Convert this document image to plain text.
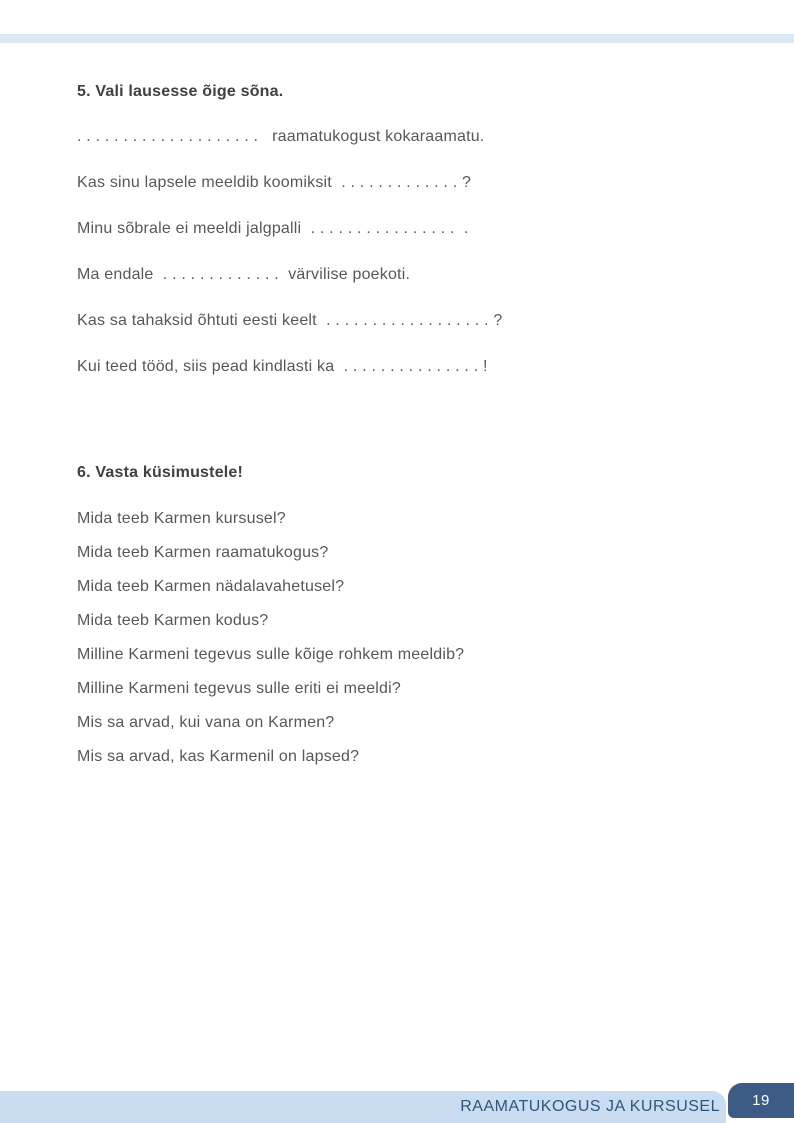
5. Vali lausesse õige sõna.
. . . . . . . . . . . . . . . . . . . .   raamatukogust kokaraamatu.
Kas sinu lapsele meeldib koomiksit  . . . . . . . . . . . . . ?
Minu sõbrale ei meeldi jalgpalli  . . . . . . . . . . . . . . . .  .
Ma endale  . . . . . . . . . . . . .  värvilise poekoti.
Kas sa tahaksid õhtuti eesti keelt  . . . . . . . . . . . . . . . . . . ?
Kui teed tööd, siis pead kindlasti ka  . . . . . . . . . . . . . . . !
6. Vasta küsimustele!
Mida teeb Karmen kursusel?
Mida teeb Karmen raamatukogus?
Mida teeb Karmen nädalavahetusel?
Mida teeb Karmen kodus?
Milline Karmeni tegevus sulle kõige rohkem meeldib?
Milline Karmeni tegevus sulle eriti ei meeldi?
Mis sa arvad, kui vana on Karmen?
Mis sa arvad, kas Karmenil on lapsed?
RAAMATUKOGUS JA KURSUSEL 19
